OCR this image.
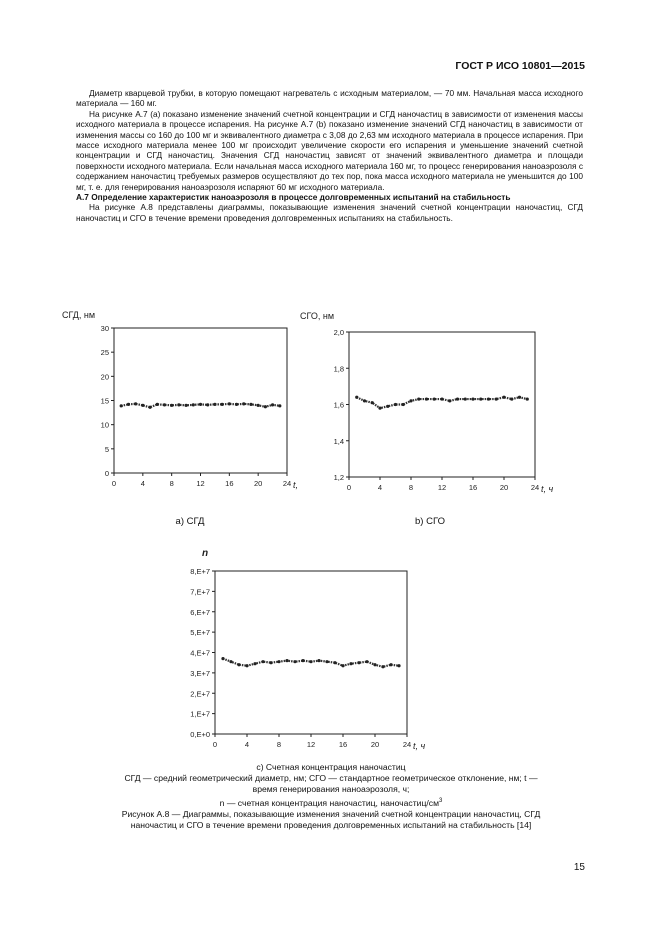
ГОСТ Р ИСО 10801—2015

Диаметр кварцевой трубки, в которую помещают нагреватель с исходным материалом, — 70 мм. Начальная масса исходного материала — 160 мг.

На рисунке А.7 (а) показано изменение значений счетной концентрации и СГД наночастиц в зависимости от изменения массы исходного материала в процессе испарения. На рисунке А.7 (b) показано изменение значений СГД наночастиц в зависимости от изменения массы со 160 до 100 мг и эквивалентного диаметра с 3,08 до 2,63 мм исходного материала в процессе испарения. При массе исходного материала менее 100 мг происходит увеличение скорости его испарения и уменьшение значений счетной концентрации и СГД наночастиц. Значения СГД наночастиц зависят от значений эквивалентного диаметра и площади поверхности исходного материала. Если начальная масса исходного материала 160 мг, то процесс генерирования наноаэрозоля с содержанием наночастиц требуемых размеров осуществляют до тех пор, пока масса исходного материала не уменьшится до 100 мг, т. е. для генерирования наноаэрозоля испаряют 60 мг исходного материала.

А.7 Определение характеристик наноаэрозоля в процессе долговременных испытаний на стабильность

На рисунке А.8 представлены диаграммы, показывающие изменения значений счетной концентрации наночастиц, СГД наночастиц и СГО в течение времени проведения долговременных испытаниях на стабильность.

0
5
10
15
20
25
30
0	4	8	12	16	20	24
СГД, нм
t,
a) СГД
1,2
1,4
1,6
1,8
2,0
0	4	8	12	16	20	24
СГО, нм
t, ч
b) СГО
0,E+0
1,E+7
2,E+7
3,E+7
4,E+7
5,E+7
6,E+7
7,E+7
8,E+7
0	4	8	12	16	20	24
n
t, ч
c) Счетная концентрация наночастиц
СГД — средний геометрический диаметр, нм; СГО — стандартное геометрическое отклонение, нм; t —
время генерирования наноаэрозоля, ч;
n — счетная концентрация наночастиц, наночастиц/$см^3$
Рисунок А.8 — Диаграммы, показывающие изменения значений счетной концентрации наночастиц, СГД
наночастиц и СГО в течение времени проведения долговременных испытаний на стабильность [14]
15
